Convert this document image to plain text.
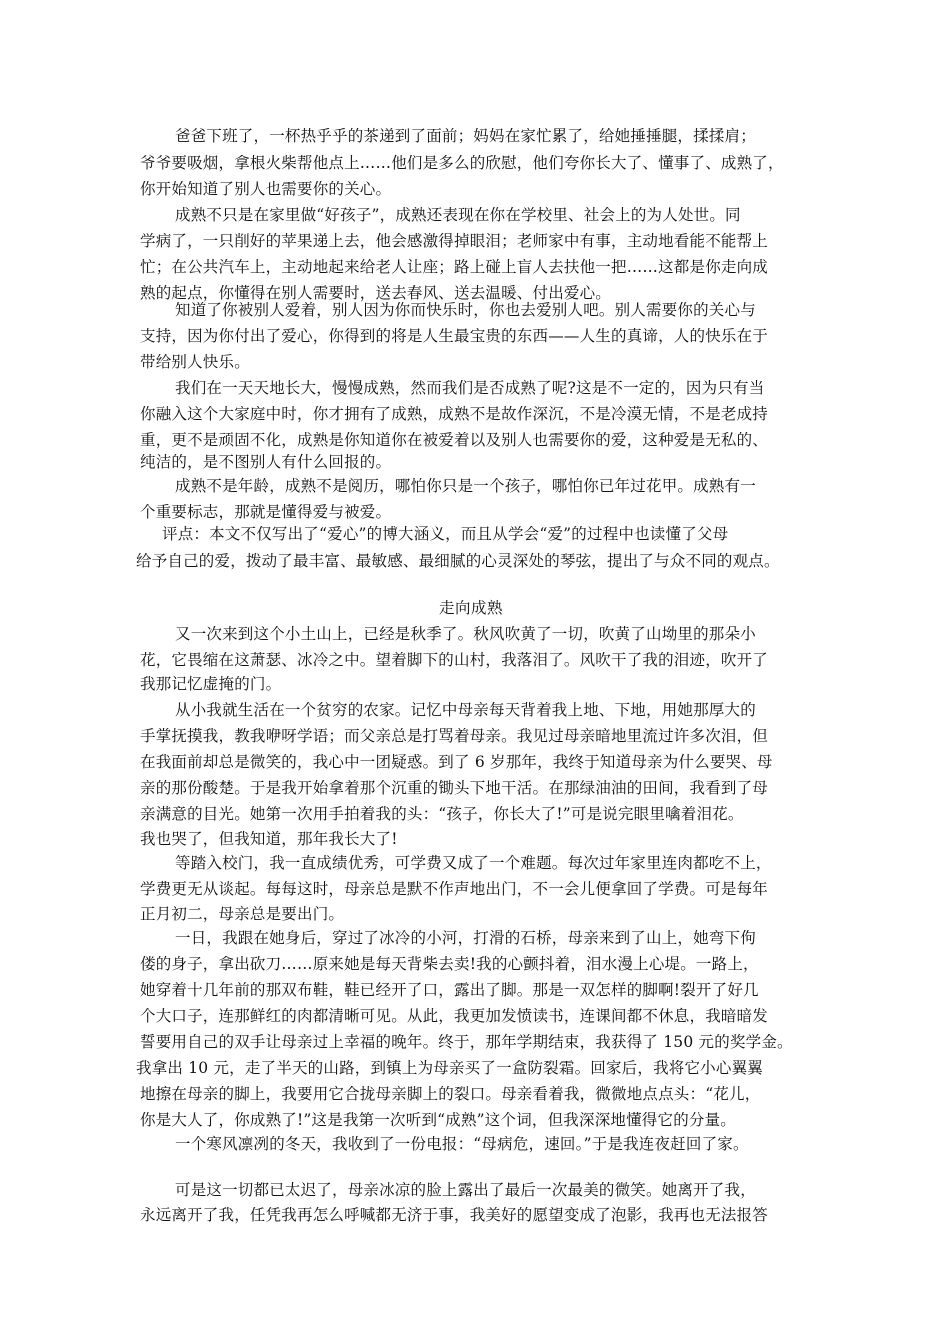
爸爸下班了，一杯热乎乎的茶递到了面前；妈妈在家忙累了，给她捶捶腿，揉揉肩；
爷爷要吸烟，拿根火柴帮他点上……他们是多么的欣慰，他们夸你长大了、懂事了、成熟了，
你开始知道了别人也需要你的关心。
成熟不只是在家里做“好孩子”，成熟还表现在你在学校里、社会上的为人处世。同
学病了，一只削好的苹果递上去，他会感激得掉眼泪；老师家中有事，主动地看能不能帮上
忙；在公共汽车上，主动地起来给老人让座；路上碰上盲人去扶他一把……这都是你走向成
熟的起点，你懂得在别人需要时，送去春风、送去温暖、付出爱心。
知道了你被别人爱着，别人因为你而快乐时，你也去爱别人吧。别人需要你的关心与
支持，因为你付出了爱心，你得到的将是人生最宝贵的东西——人生的真谛，人的快乐在于
带给别人快乐。
我们在一天天地长大，慢慢成熟，然而我们是否成熟了呢?这是不一定的，因为只有当
你融入这个大家庭中时，你才拥有了成熟，成熟不是故作深沉，不是冷漠无情，不是老成持
重，更不是顽固不化，成熟是你知道你在被爱着以及别人也需要你的爱，这种爱是无私的、
纯洁的，是不图别人有什么回报的。
成熟不是年龄，成熟不是阅历，哪怕你只是一个孩子，哪怕你已年过花甲。成熟有一
个重要标志，那就是懂得爱与被爱。
评点：本文不仅写出了“爱心”的博大涵义，而且从学会“爱”的过程中也读懂了父母
给予自己的爱，拨动了最丰富、最敏感、最细腻的心灵深处的琴弦，提出了与众不同的观点。
走向成熟
又一次来到这个小土山上，已经是秋季了。秋风吹黄了一切，吹黄了山坳里的那朵小
花，它畏缩在这萧瑟、冰冷之中。望着脚下的山村，我落泪了。风吹干了我的泪迹，吹开了
我那记忆虚掩的门。
从小我就生活在一个贫穷的农家。记忆中母亲每天背着我上地、下地，用她那厚大的
手掌抚摸我，教我咿呀学语；而父亲总是打骂着母亲。我见过母亲暗地里流过许多次泪，但
在我面前却总是微笑的，我心中一团疑惑。到了 6 岁那年，我终于知道母亲为什么要哭、母
亲的那份酸楚。于是我开始拿着那个沉重的锄头下地干活。在那绿油油的田间，我看到了母
亲满意的目光。她第一次用手拍着我的头：“孩子，你长大了!”可是说完眼里噙着泪花。
我也哭了，但我知道，那年我长大了!
等踏入校门，我一直成绩优秀，可学费又成了一个难题。每次过年家里连肉都吃不上，
学费更无从谈起。每每这时，母亲总是默不作声地出门，不一会儿便拿回了学费。可是每年
正月初二，母亲总是要出门。
一日，我跟在她身后，穿过了冰冷的小河，打滑的石桥，母亲来到了山上，她弯下佝
偻的身子，拿出砍刀……原来她是每天背柴去卖!我的心颤抖着，泪水漫上心堤。一路上，
她穿着十几年前的那双布鞋，鞋已经开了口，露出了脚。那是一双怎样的脚啊!裂开了好几
个大口子，连那鲜红的肉都清晰可见。从此，我更加发愤读书，连课间都不休息，我暗暗发
誓要用自己的双手让母亲过上幸福的晚年。终于，那年学期结束，我获得了 150 元的奖学金。
我拿出 10 元，走了半天的山路，到镇上为母亲买了一盒防裂霜。回家后，我将它小心翼翼
地擦在母亲的脚上，我要用它合拢母亲脚上的裂口。母亲看着我，微微地点点头：“花儿，
你是大人了，你成熟了!”这是我第一次听到“成熟”这个词，但我深深地懂得它的分量。
一个寒风凛冽的冬天，我收到了一份电报：“母病危，速回。”于是我连夜赶回了家。
可是这一切都已太迟了，母亲冰凉的脸上露出了最后一次最美的微笑。她离开了我，
永远离开了我，任凭我再怎么呼喊都无济于事，我美好的愿望变成了泡影，我再也无法报答
